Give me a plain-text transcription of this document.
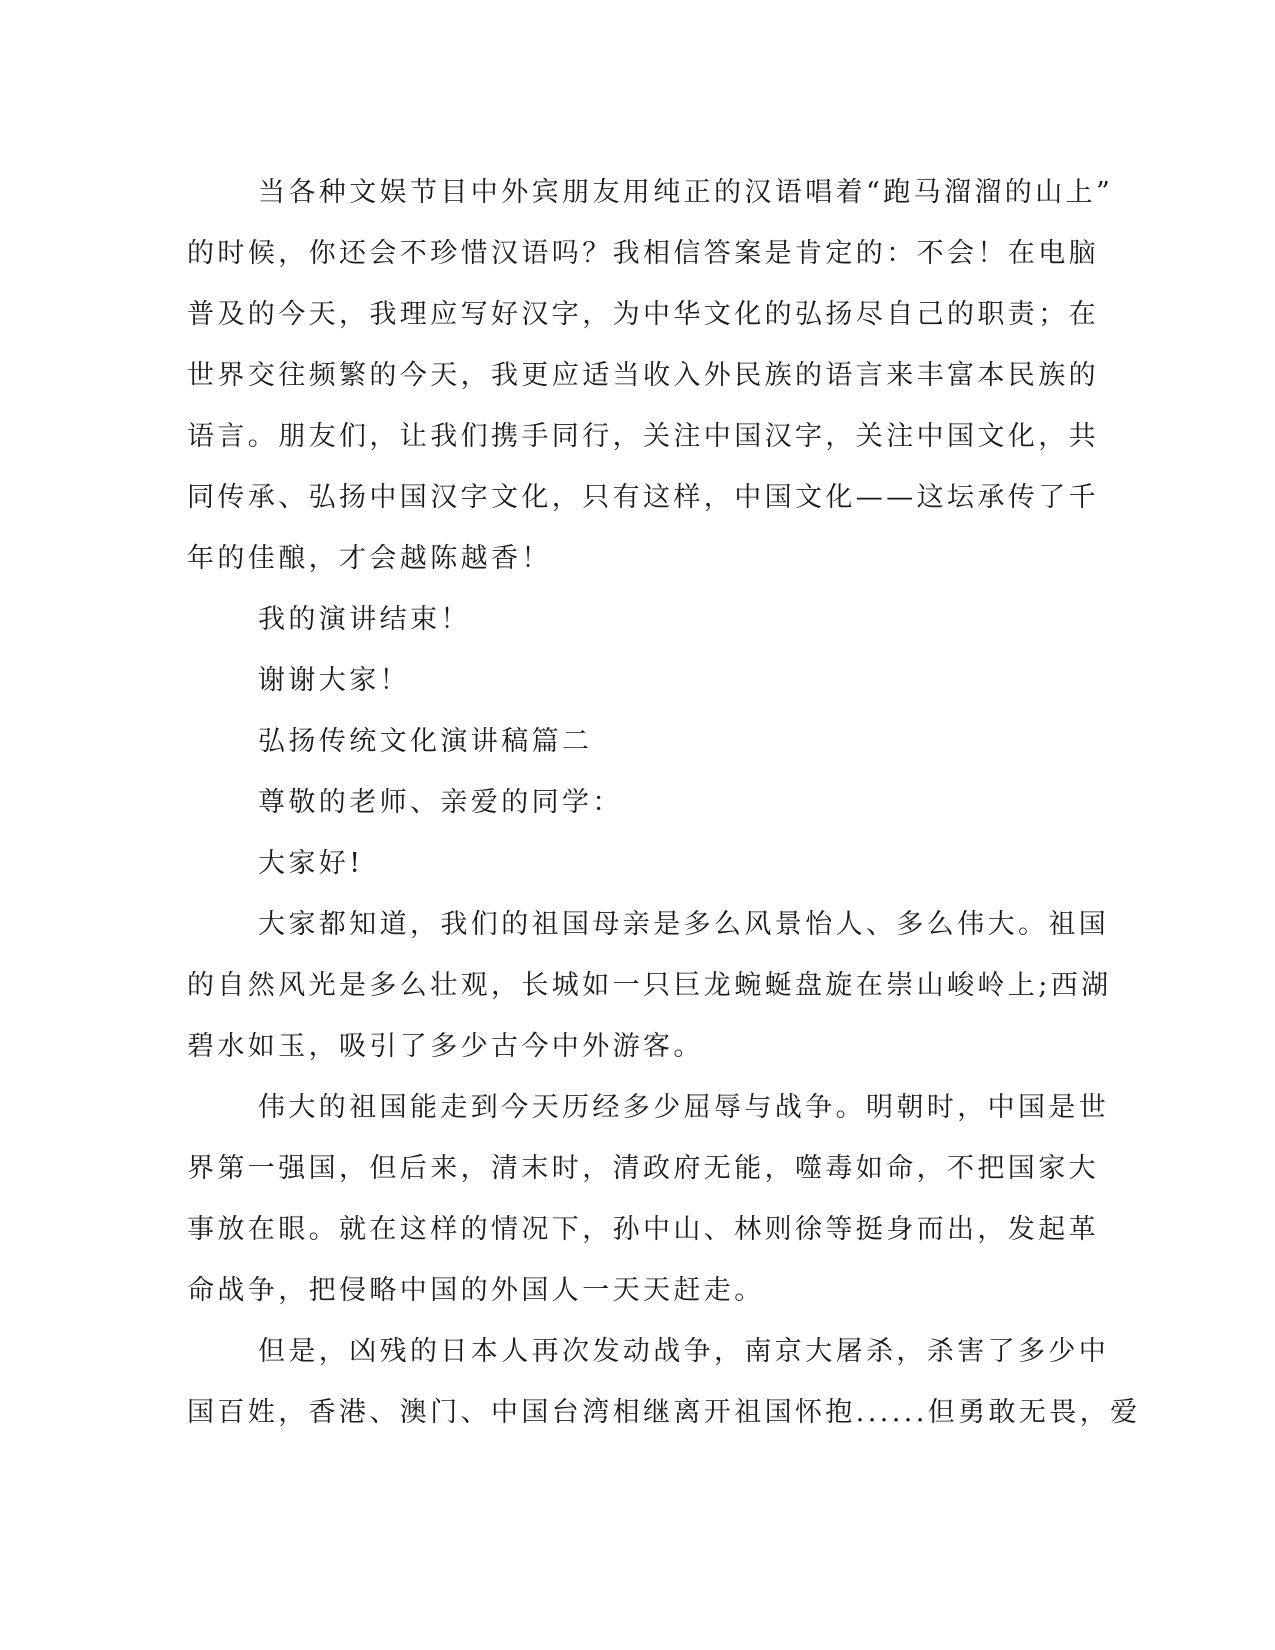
当各种文娱节目中外宾朋友用纯正的汉语唱着“跑马溜溜的山上”
的时候，你还会不珍惜汉语吗？我相信答案是肯定的：不会！在电脑
普及的今天，我理应写好汉字，为中华文化的弘扬尽自己的职责；在
世界交往频繁的今天，我更应适当收入外民族的语言来丰富本民族的
语言。朋友们，让我们携手同行，关注中国汉字，关注中国文化，共
同传承、弘扬中国汉字文化，只有这样，中国文化——这坛承传了千
年的佳酿，才会越陈越香！
我的演讲结束！
谢谢大家！
弘扬传统文化演讲稿篇二
尊敬的老师、亲爱的同学：
大家好!
大家都知道，我们的祖国母亲是多么风景怡人、多么伟大。祖国
的自然风光是多么壮观，长城如一只巨龙蜿蜒盘旋在崇山峻岭上;西湖
碧水如玉，吸引了多少古今中外游客。
伟大的祖国能走到今天历经多少屈辱与战争。明朝时，中国是世
界第一强国，但后来，清末时，清政府无能，噬毒如命，不把国家大
事放在眼。就在这样的情况下，孙中山、林则徐等挺身而出，发起革
命战争，把侵略中国的外国人一天天赶走。
但是，凶残的日本人再次发动战争，南京大屠杀，杀害了多少中
国百姓，香港、澳门、中国台湾相继离开祖国怀抱......但勇敢无畏，爱
